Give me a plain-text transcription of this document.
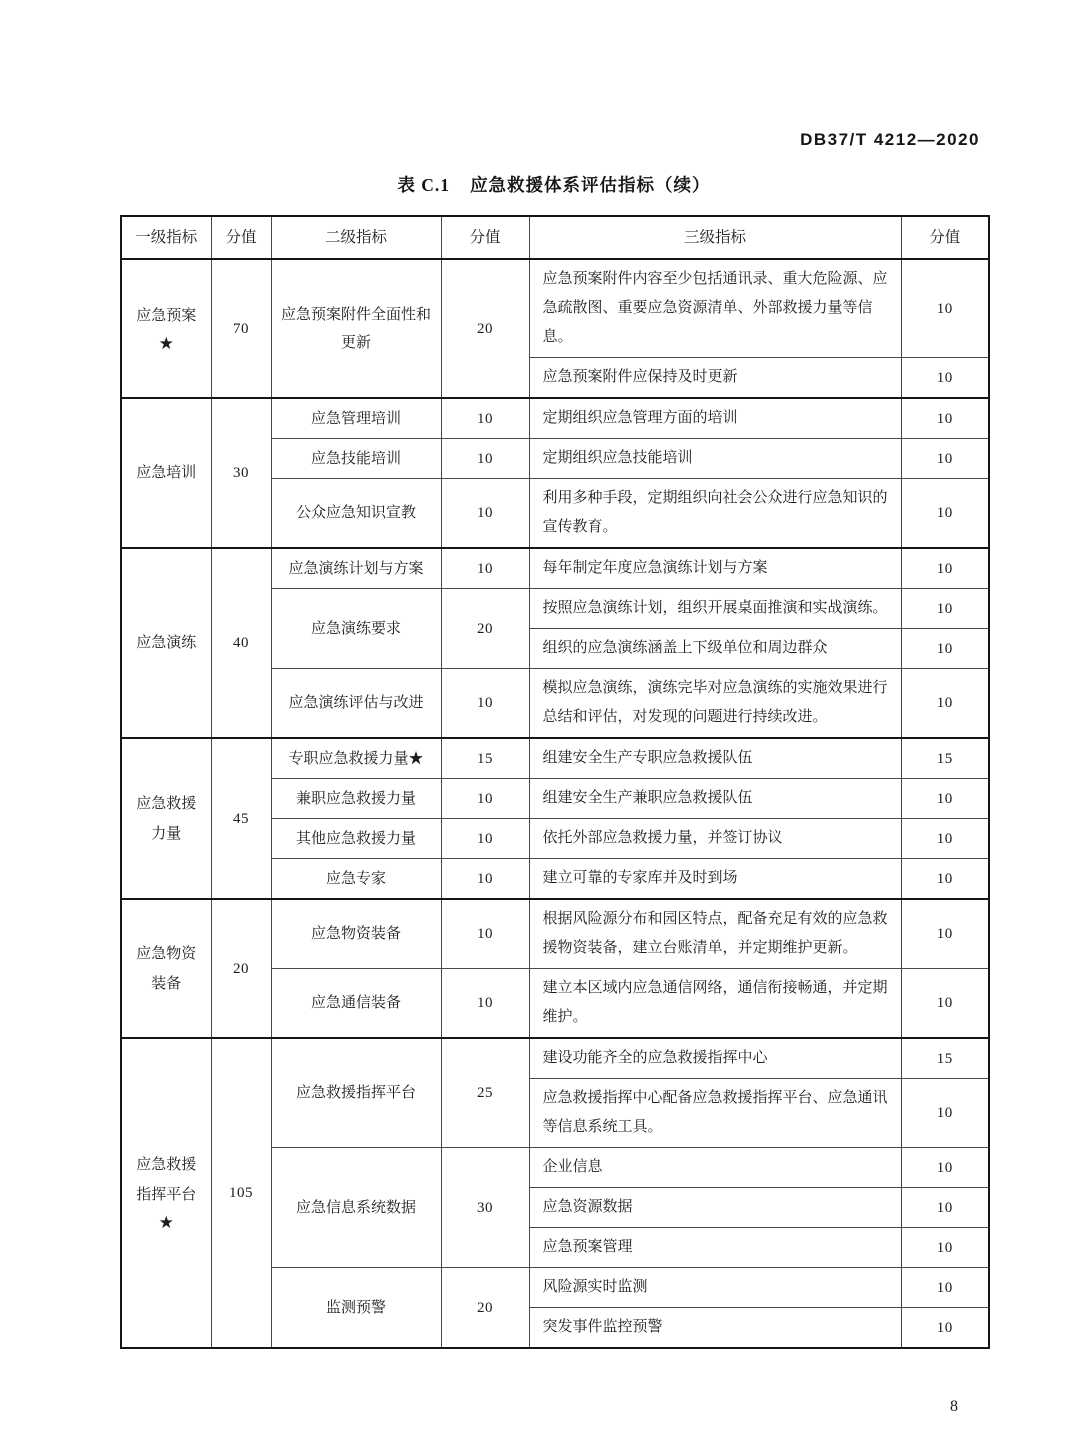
DB37/T 4212—2020
表 C.1 应急救援体系评估指标（续）
一级指标	分值	二级指标	分值	三级指标	分值

应急预案
★	70	应急预案附件全面性和更新	20	应急预案附件内容至少包括通讯录、重大危险源、应急疏散图、重要应急资源清单、外部救援力量等信息。	10
				应急预案附件应保持及时更新	10

应急培训	30	应急管理培训	10	定期组织应急管理方面的培训	10
		应急技能培训	10	定期组织应急技能培训	10
		公众应急知识宣教	10	利用多种手段，定期组织向社会公众进行应急知识的宣传教育。	10

应急演练	40	应急演练计划与方案	10	每年制定年度应急演练计划与方案	10
		应急演练要求	20	按照应急演练计划，组织开展桌面推演和实战演练。	10
				组织的应急演练涵盖上下级单位和周边群众	10
		应急演练评估与改进	10	模拟应急演练，演练完毕对应急演练的实施效果进行总结和评估，对发现的问题进行持续改进。	10

应急救援
力量	45	专职应急救援力量★	15	组建安全生产专职应急救援队伍	15
		兼职应急救援力量	10	组建安全生产兼职应急救援队伍	10
		其他应急救援力量	10	依托外部应急救援力量，并签订协议	10
		应急专家	10	建立可靠的专家库并及时到场	10

应急物资
装备	20	应急物资装备	10	根据风险源分布和园区特点，配备充足有效的应急救援物资装备，建立台账清单，并定期维护更新。	10
		应急通信装备	10	建立本区域内应急通信网络，通信衔接畅通，并定期维护。	10

应急救援
指挥平台
★	105	应急救援指挥平台	25	建设功能齐全的应急救援指挥中心	15
				应急救援指挥中心配备应急救援指挥平台、应急通讯等信息系统工具。	10
		应急信息系统数据	30	企业信息	10
				应急资源数据	10
				应急预案管理	10
		监测预警	20	风险源实时监测	10
				突发事件监控预警	10
8
